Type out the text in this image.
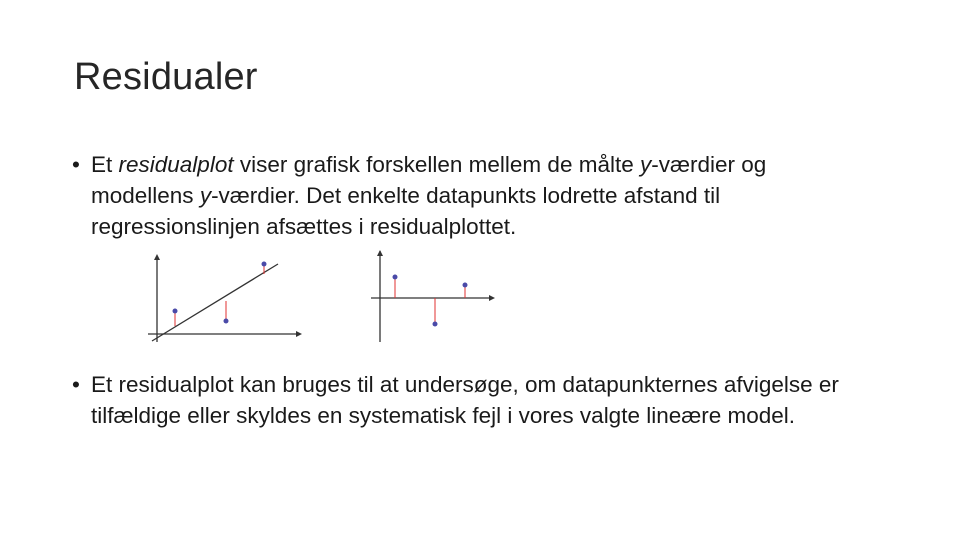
Residualer
• Et residualplot viser grafisk forskellen mellem de målte y-værdier og modellens y-værdier. Det enkelte datapunkts lodrette afstand til regressionslinjen afsættes i residualplottet.
• Et residualplot kan bruges til at undersøge, om datapunkternes afvigelse er tilfældige eller skyldes en systematisk fejl i vores valgte lineære model.
